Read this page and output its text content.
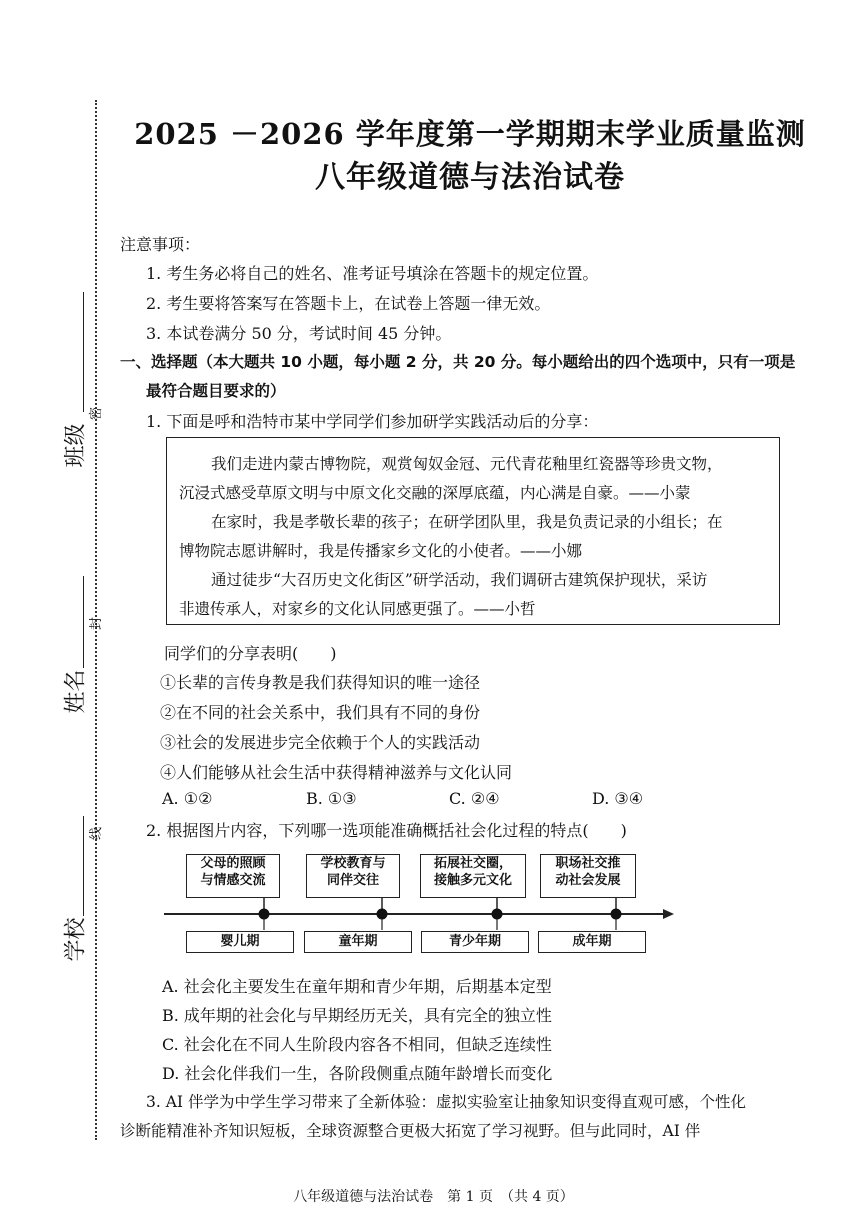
班级
密
姓名
封
学校
线
2025 －2026 学年度第一学期期末学业质量监测
八年级道德与法治试卷
注意事项：
1. 考生务必将自己的姓名、准考证号填涂在答题卡的规定位置。
2. 考生要将答案写在答题卡上，在试卷上答题一律无效。
3. 本试卷满分 50 分，考试时间 45 分钟。
一、选择题（本大题共 10 小题，每小题 2 分，共 20 分。每小题给出的四个选项中，只有一项是
最符合题目要求的）
1. 下面是呼和浩特市某中学同学们参加研学实践活动后的分享：
我们走进内蒙古博物院，观赏匈奴金冠、元代青花釉里红瓷器等珍贵文物，
沉浸式感受草原文明与中原文化交融的深厚底蕴，内心满是自豪。——小蒙
在家时，我是孝敬长辈的孩子；在研学团队里，我是负责记录的小组长；在
博物院志愿讲解时，我是传播家乡文化的小使者。——小娜
通过徒步“大召历史文化街区”研学活动，我们调研古建筑保护现状，采访
非遗传承人，对家乡的文化认同感更强了。——小哲
同学们的分享表明(　　)
①长辈的言传身教是我们获得知识的唯一途径
②在不同的社会关系中，我们具有不同的身份
③社会的发展进步完全依赖于个人的实践活动
④人们能够从社会生活中获得精神滋养与文化认同
A. ①②	B. ①③	C. ②④	D. ③④
2. 根据图片内容，下列哪一选项能准确概括社会化过程的特点(　　)
父母的照顾
与情感交流
学校教育与
同伴交往
拓展社交圈，
接触多元文化
职场社交推
动社会发展
婴儿期	童年期	青少年期	成年期
A. 社会化主要发生在童年期和青少年期，后期基本定型
B. 成年期的社会化与早期经历无关，具有完全的独立性
C. 社会化在不同人生阶段内容各不相同，但缺乏连续性
D. 社会化伴我们一生，各阶段侧重点随年龄增长而变化
3. AI 伴学为中学生学习带来了全新体验：虚拟实验室让抽象知识变得直观可感，个性化
诊断能精准补齐知识短板，全球资源整合更极大拓宽了学习视野。但与此同时，AI 伴
八年级道德与法治试卷　第 1 页　（共 4 页）
